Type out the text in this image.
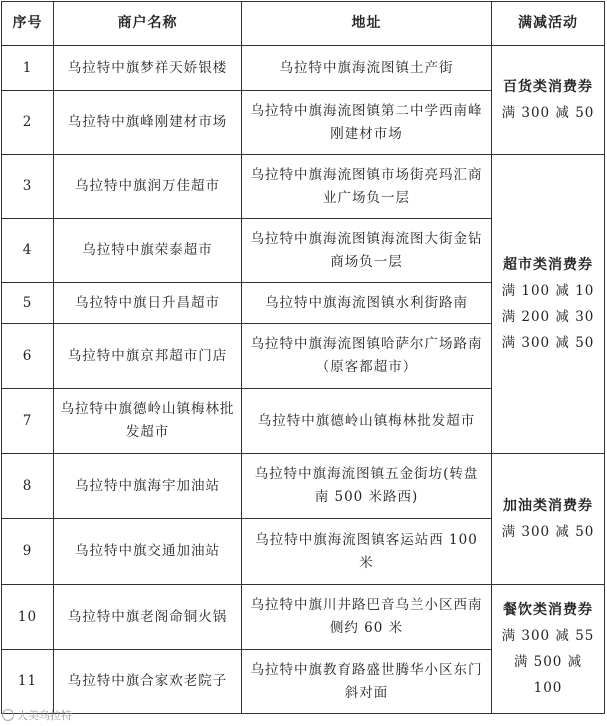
序号	商户名称	地址	满减活动
1	乌拉特中旗梦祥天娇银楼	乌拉特中旗海流图镇土产街	百货类消费券
满 300 减 50

2	乌拉特中旗峰刚建材市场	乌拉特中旗海流图镇第二中学西南峰刚建材市场	
3	乌拉特中旗润万佳超市	乌拉特中旗海流图镇市场街亮玛汇商业广场负一层	超市类消费券
满 100 减 10
满 200 减 30
满 300 减 50

4	乌拉特中旗荣泰超市	乌拉特中旗海流图镇海流图大街金钻商场负一层	
5	乌拉特中旗日升昌超市	乌拉特中旗海流图镇水利街路南	
6	乌拉特中旗京邦超市门店	乌拉特中旗海流图镇哈萨尔广场路南（原客都超市）	
7	乌拉特中旗德岭山镇梅林批发超市	乌拉特中旗德岭山镇梅林批发超市	
8	乌拉特中旗海宇加油站	乌拉特中旗海流图镇五金街坊(转盘南 500 米路西)	加油类消费券
满 300 减 50

9	乌拉特中旗交通加油站	乌拉特中旗海流图镇客运站西 100 米	
10	乌拉特中旗老阁命铜火锅	乌拉特中旗川井路巴音乌兰小区西南侧约 60 米	餐饮类消费券
满 300 减 55
满 500 减 100

11	乌拉特中旗合家欢老院子	乌拉特中旗教育路盛世腾华小区东门斜对面	
大美乌拉特
